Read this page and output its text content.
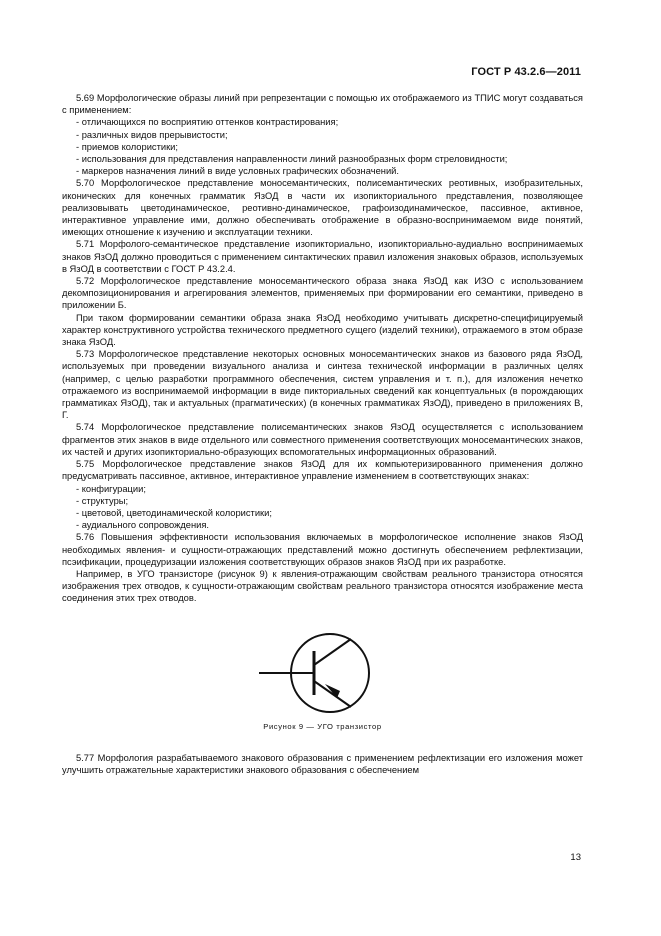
ГОСТ Р 43.2.6—2011

5.69 Морфологические образы линий при репрезентации с помощью их отображаемого из ТПИС могут создаваться с применением:

- отличающихся по восприятию оттенков контрастирования;
- различных видов прерывистости;
- приемов колористики;
- использования для представления направленности линий разнообразных форм стреловидности;
- маркеров назначения линий в виде условных графических обозначений.

5.70 Морфологическое представление моносемантических, полисемантических реотивных, изобразительных, иконических для конечных грамматик ЯзОД в части их изопикториального представления, позволяющее реализовывать цветодинамическое, реотивно-динамическое, графоизодинамическое, пассивное, активное, интерактивное управление ими, должно обеспечивать отображение в образно-воспринимаемом виде понятий, имеющих отношение к изучению и эксплуатации техники.

5.71 Морфолого-семантическое представление изопикториально, изопикториально-аудиально воспринимаемых знаков ЯзОД должно проводиться с применением синтактических правил изложения знаковых образов, используемых в ЯзОД в соответствии с ГОСТ Р 43.2.4.

5.72 Морфологическое представление моносемантического образа знака ЯзОД как ИЗО с использованием декомпозиционирования и агрегирования элементов, применяемых при формировании его семантики, приведено в приложении Б.

При таком формировании семантики образа знака ЯзОД необходимо учитывать дискретно-специфицируемый характер конструктивного устройства технического предметного сущего (изделий техники), отражаемого в этом образе знака ЯзОД.

5.73 Морфологическое представление некоторых основных моносемантических знаков из базового ряда ЯзОД, используемых при проведении визуального анализа и синтеза технической информации в различных целях (например, с целью разработки программного обеспечения, систем управления и т. п.), для изложения нечетко отражаемого из воспринимаемой информации в виде пикториальных сведений как концептуальных (в порождающих грамматиках ЯзОД), так и актуальных (прагматических) (в конечных грамматиках ЯзОД), приведено в приложениях В, Г.

5.74 Морфологическое представление полисемантических знаков ЯзОД осуществляется с использованием фрагментов этих знаков в виде отдельного или совместного применения соответствующих моносемантических знаков, их частей и других изопикториально-образующих вспомогательных информационных образований.

5.75 Морфологическое представление знаков ЯзОД для их компьютеризированного применения должно предусматривать пассивное, активное, интерактивное управление изменением в соответствующих знаках:

- конфигурации;
- структуры;
- цветовой, цветодинамической колористики;
- аудиального сопровождения.

5.76 Повышения эффективности использования включаемых в морфологическое исполнение знаков ЯзОД необходимых явления- и сущности-отражающих представлений можно достигнуть обеспечением рефлектизации, псэификации, процедуризации изложения соответствующих образов знаков ЯзОД при их разработке.

Например, в УГО транзисторе (рисунок 9) к явления-отражающим свойствам реального транзистора относятся изображения трех отводов, к сущности-отражающим свойствам реального транзистора относятся изображение места соединения этих трех отводов.

Рисунок 9 — УГО транзистор

5.77 Морфология разрабатываемого знакового образования с применением рефлектизации его изложения может улучшить отражательные характеристики знакового образования с обеспечением

13
